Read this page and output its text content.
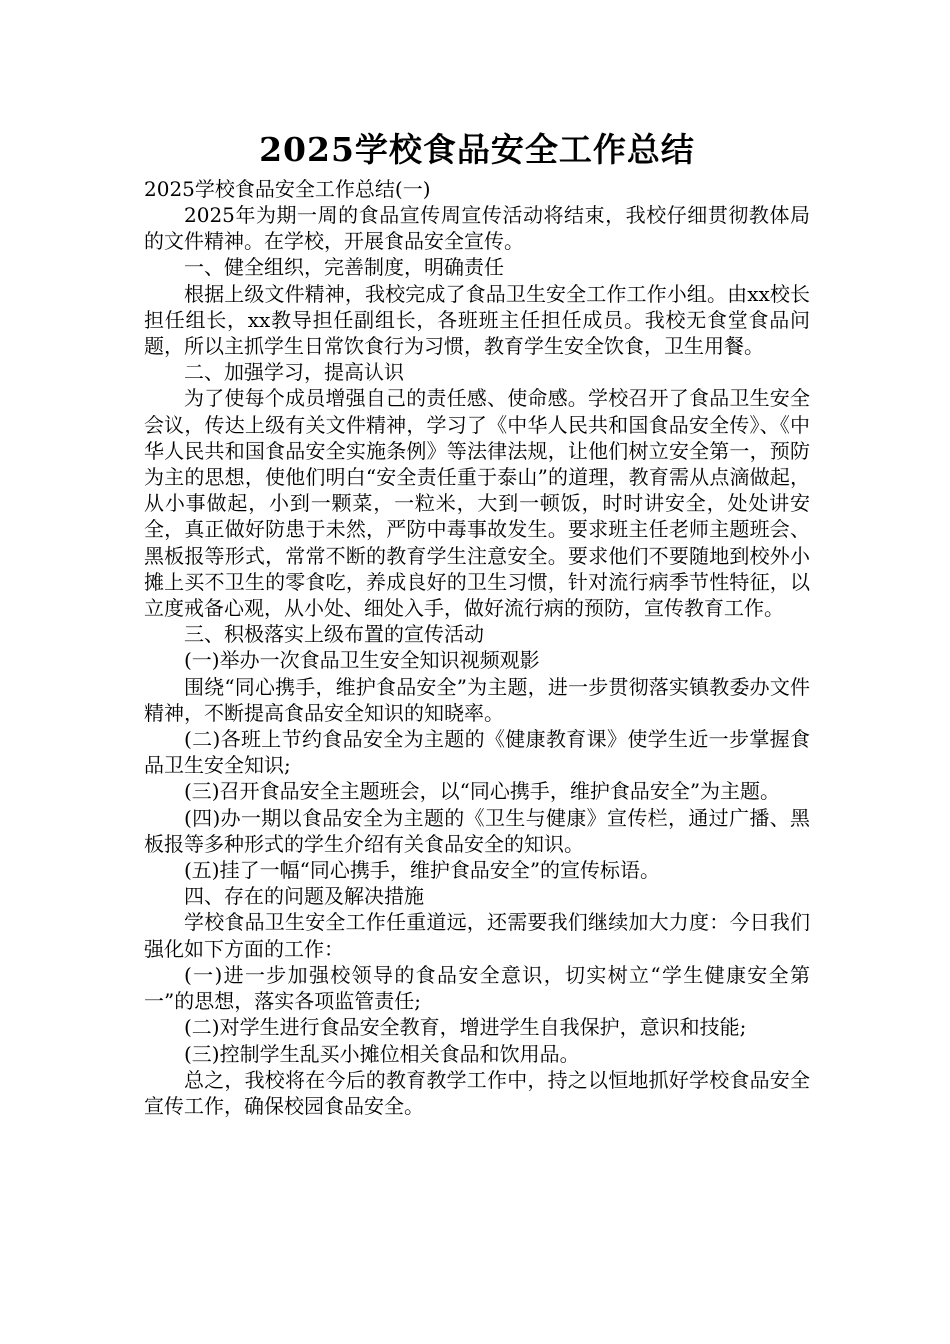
2025学校食品安全工作总结

2025学校食品安全工作总结(一)

2025年为期一周的食品宣传周宣传活动将结束，我校仔细贯彻教体局的文件精神。在学校，开展食品安全宣传。

一、健全组织，完善制度，明确责任

根据上级文件精神，我校完成了食品卫生安全工作工作小组。由xx校长担任组长，xx教导担任副组长，各班班主任担任成员。我校无食堂食品问题，所以主抓学生日常饮食行为习惯，教育学生安全饮食，卫生用餐。

二、加强学习，提高认识

为了使每个成员增强自己的责任感、使命感。学校召开了食品卫生安全会议，传达上级有关文件精神，学习了《中华人民共和国食品安全传》、《中华人民共和国食品安全实施条例》等法律法规，让他们树立安全第一，预防为主的思想，使他们明白“安全责任重于泰山”的道理，教育需从点滴做起，从小事做起，小到一颗菜，一粒米，大到一顿饭，时时讲安全，处处讲安全，真正做好防患于未然，严防中毒事故发生。要求班主任老师主题班会、黑板报等形式，常常不断的教育学生注意安全。要求他们不要随地到校外小摊上买不卫生的零食吃，养成良好的卫生习惯，针对流行病季节性特征，以立度戒备心观，从小处、细处入手，做好流行病的预防，宣传教育工作。

三、积极落实上级布置的宣传活动

(一)举办一次食品卫生安全知识视频观影

围绕“同心携手，维护食品安全”为主题，进一步贯彻落实镇教委办文件精神，不断提高食品安全知识的知晓率。

(二)各班上节约食品安全为主题的《健康教育课》使学生近一步掌握食品卫生安全知识;

(三)召开食品安全主题班会，以“同心携手，维护食品安全”为主题。

(四)办一期以食品安全为主题的《卫生与健康》宣传栏，通过广播、黑板报等多种形式的学生介绍有关食品安全的知识。

(五)挂了一幅“同心携手，维护食品安全”的宣传标语。

四、存在的问题及解决措施

学校食品卫生安全工作任重道远，还需要我们继续加大力度：今日我们强化如下方面的工作：

(一)进一步加强校领导的食品安全意识，切实树立“学生健康安全第一”的思想，落实各项监管责任;

(二)对学生进行食品安全教育，增进学生自我保护，意识和技能;

(三)控制学生乱买小摊位相关食品和饮用品。

总之，我校将在今后的教育教学工作中，持之以恒地抓好学校食品安全宣传工作，确保校园食品安全。
